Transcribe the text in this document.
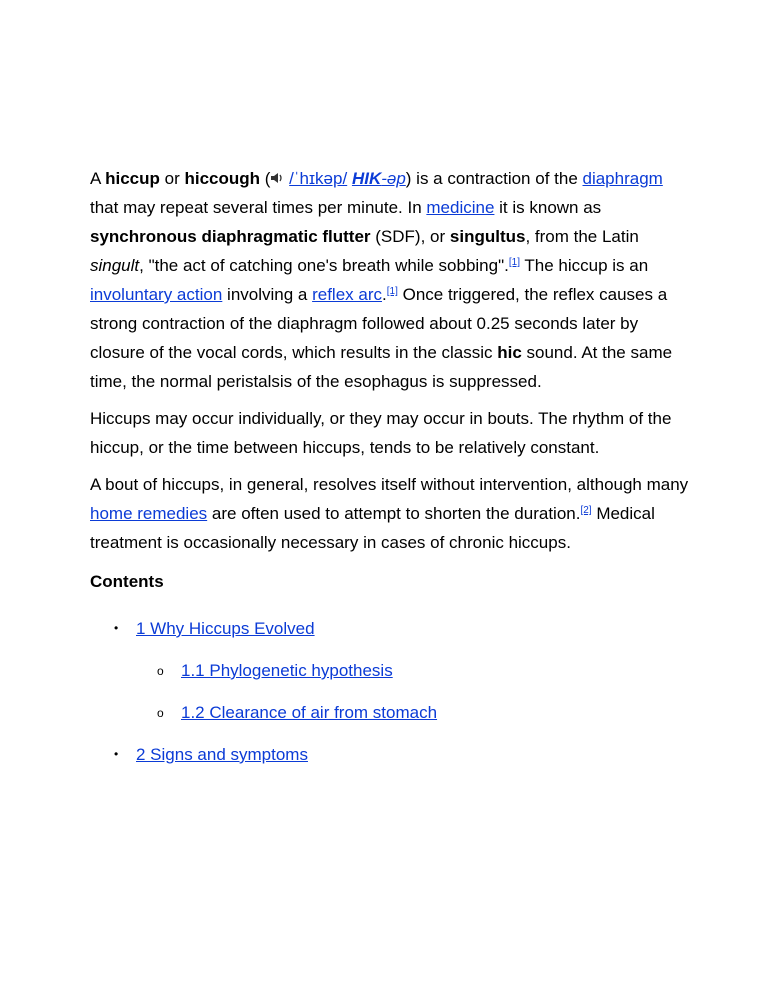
A hiccup or hiccough ( /ˈhɪkəp/ HIK-əp) is a contraction of the diaphragm that may repeat several times per minute. In medicine it is known as synchronous diaphragmatic flutter (SDF), or singultus, from the Latin singult, "the act of catching one's breath while sobbing".[1] The hiccup is an involuntary action involving a reflex arc.[1] Once triggered, the reflex causes a strong contraction of the diaphragm followed about 0.25 seconds later by closure of the vocal cords, which results in the classic hic sound. At the same time, the normal peristalsis of the esophagus is suppressed.

Hiccups may occur individually, or they may occur in bouts. The rhythm of the hiccup, or the time between hiccups, tends to be relatively constant.

A bout of hiccups, in general, resolves itself without intervention, although many home remedies are often used to attempt to shorten the duration.[2] Medical treatment is occasionally necessary in cases of chronic hiccups.

Contents
• 1 Why Hiccups Evolved
o 1.1 Phylogenetic hypothesis
o 1.2 Clearance of air from stomach
• 2 Signs and symptoms
